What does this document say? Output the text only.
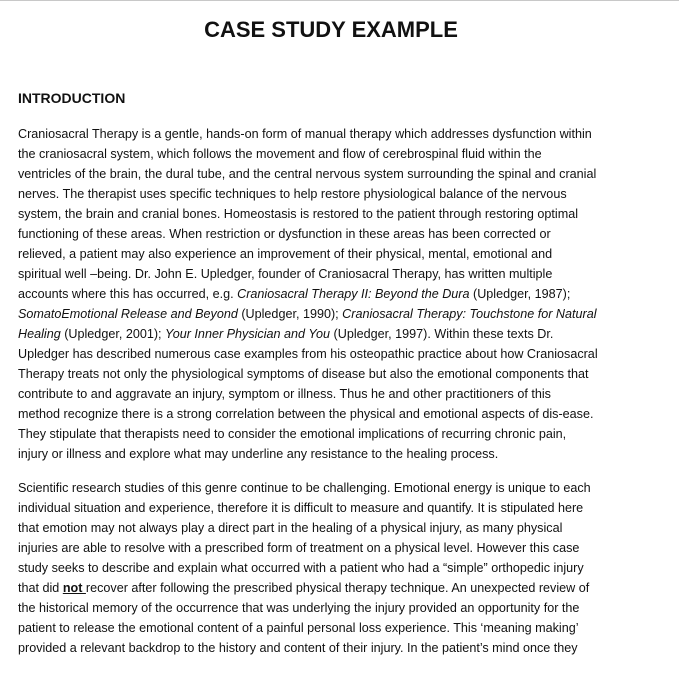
CASE STUDY EXAMPLE
INTRODUCTION
Craniosacral Therapy is a gentle, hands-on form of manual therapy which addresses dysfunction within
the craniosacral system, which follows the movement and flow of cerebrospinal fluid within the
ventricles of the brain, the dural tube, and the central nervous system surrounding the spinal and cranial
nerves. The therapist uses specific techniques to help restore physiological balance of the nervous
system, the brain and cranial bones. Homeostasis is restored to the patient through restoring optimal
functioning of these areas. When restriction or dysfunction in these areas has been corrected or
relieved, a patient may also experience an improvement of their physical, mental, emotional and
spiritual well –being. Dr. John E. Upledger, founder of Craniosacral Therapy, has written multiple
accounts where this has occurred, e.g. Craniosacral Therapy II: Beyond the Dura (Upledger, 1987);
SomatoEmotional Release and Beyond (Upledger, 1990); Craniosacral Therapy: Touchstone for Natural
Healing (Upledger, 2001); Your Inner Physician and You (Upledger, 1997). Within these texts Dr.
Upledger has described numerous case examples from his osteopathic practice about how Craniosacral
Therapy treats not only the physiological symptoms of disease but also the emotional components that
contribute to and aggravate an injury, symptom or illness. Thus he and other practitioners of this
method recognize there is a strong correlation between the physical and emotional aspects of dis-ease.
They stipulate that therapists need to consider the emotional implications of recurring chronic pain,
injury or illness and explore what may underline any resistance to the healing process.
Scientific research studies of this genre continue to be challenging. Emotional energy is unique to each
individual situation and experience, therefore it is difficult to measure and quantify. It is stipulated here
that emotion may not always play a direct part in the healing of a physical injury, as many physical
injuries are able to resolve with a prescribed form of treatment on a physical level. However this case
study seeks to describe and explain what occurred with a patient who had a “simple” orthopedic injury
that did not recover after following the prescribed physical therapy technique. An unexpected review of
the historical memory of the occurrence that was underlying the injury provided an opportunity for the
patient to release the emotional content of a painful personal loss experience. This ‘meaning making’
provided a relevant backdrop to the history and content of their injury. In the patient’s mind once they
